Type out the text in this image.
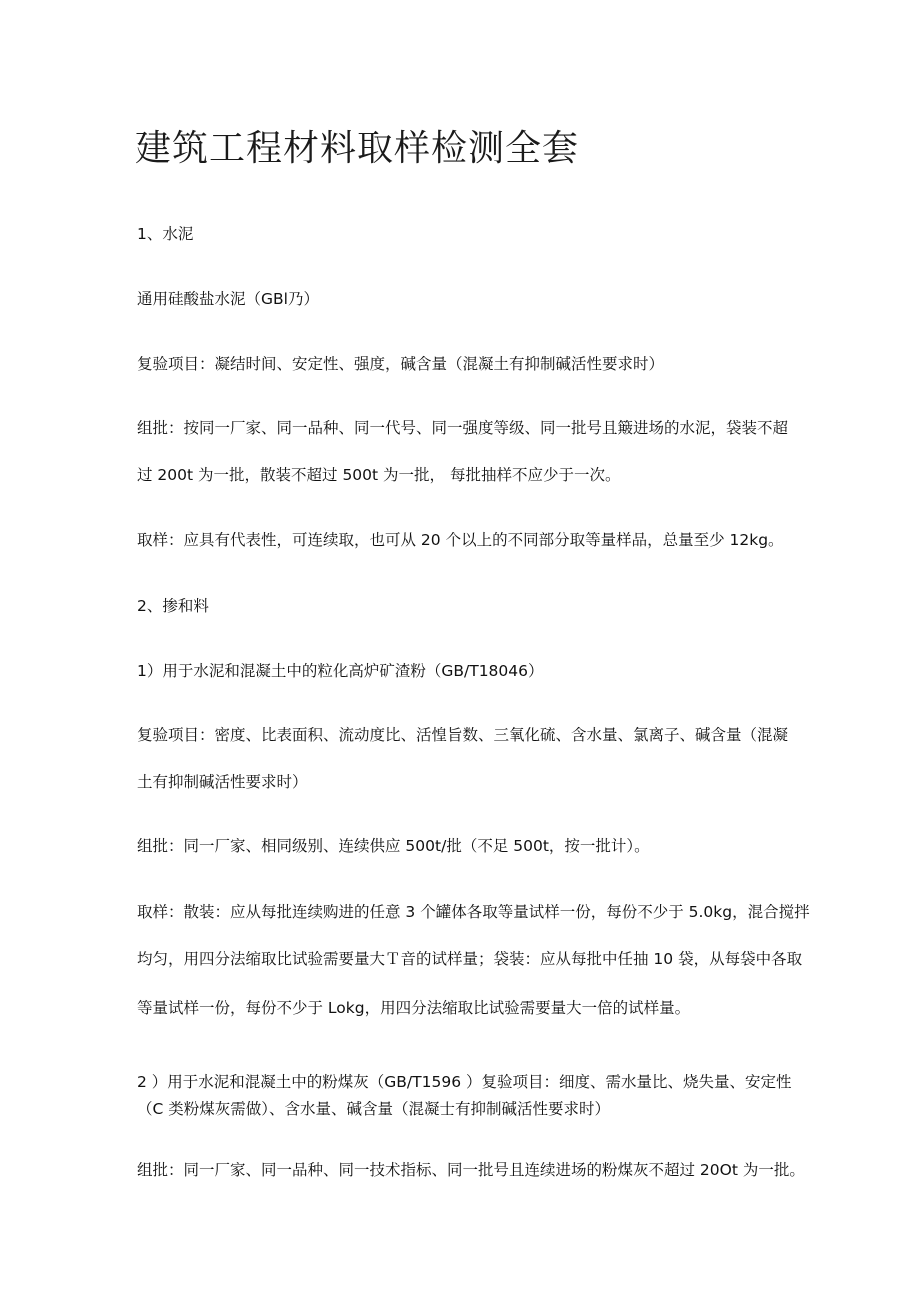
建筑工程材料取样检测全套
1、水泥
通用硅酸盐水泥（GBl乃）
复验项目：凝结时间、安定性、强度，碱含量（混凝土有抑制碱活性要求时）
组批：按同一厂家、同一品种、同一代号、同一强度等级、同一批号且簸进场的水泥，袋装不超
过 200t 为一批，散装不超过 500t 为一批， 每批抽样不应少于一次。
取样：应具有代表性，可连续取，也可从 20 个以上的不同部分取等量样品，总量至少 12kg。
2、掺和料
1）用于水泥和混凝土中的粒化高炉矿渣粉（GB/T18046）
复验项目：密度、比表面积、流动度比、活惶旨数、三氧化硫、含水量、氯离子、碱含量（混凝
土有抑制碱活性要求时）
组批：同一厂家、相同级别、连续供应 500t/批（不足 500t，按一批计）。
取样：散装：应从每批连续购进的任意 3 个罐体各取等量试样一份，每份不少于 5.0kg，混合搅拌
均匀，用四分法缩取比试验需要量大Ｔ音的试样量；袋装：应从每批中任抽 10 袋，从每袋中各取
等量试样一份，每份不少于 Lokg，用四分法缩取比试验需要量大一倍的试样量。
2 ）用于水泥和混凝土中的粉煤灰（GB/T1596 ）复验项目：细度、需水量比、烧失量、安定性
（C 类粉煤灰需做）、含水量、碱含量（混凝士有抑制碱活性要求时）
组批：同一厂家、同一品种、同一技术指标、同一批号且连续进场的粉煤灰不超过 20Ot 为一批。
